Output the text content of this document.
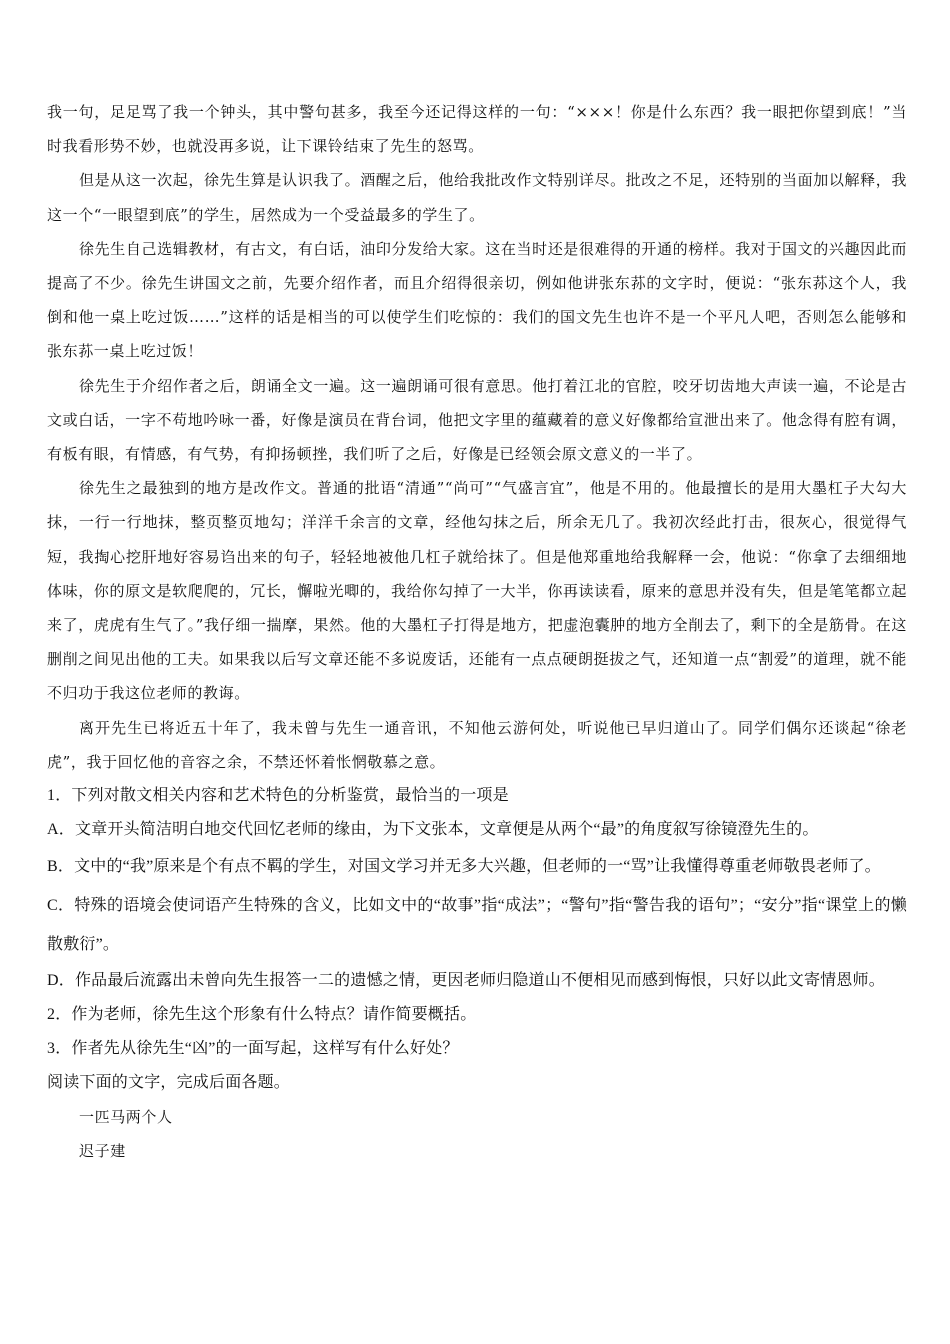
我一句，足足骂了我一个钟头，其中警句甚多，我至今还记得这样的一句：“×××！你是什么东西？我一眼把你望到底！”当时我看形势不妙，也就没再多说，让下课铃结束了先生的怒骂。

但是从这一次起，徐先生算是认识我了。酒醒之后，他给我批改作文特别详尽。批改之不足，还特别的当面加以解释，我这一个“一眼望到底”的学生，居然成为一个受益最多的学生了。

徐先生自己选辑教材，有古文，有白话，油印分发给大家。这在当时还是很难得的开通的榜样。我对于国文的兴趣因此而提高了不少。徐先生讲国文之前，先要介绍作者，而且介绍得很亲切，例如他讲张东荪的文字时，便说：“张东荪这个人，我倒和他一桌上吃过饭……”这样的话是相当的可以使学生们吃惊的：我们的国文先生也许不是一个平凡人吧，否则怎么能够和张东荪一桌上吃过饭！

徐先生于介绍作者之后，朗诵全文一遍。这一遍朗诵可很有意思。他打着江北的官腔，咬牙切齿地大声读一遍，不论是古文或白话，一字不苟地吟咏一番，好像是演员在背台词，他把文字里的蕴藏着的意义好像都给宣泄出来了。他念得有腔有调，有板有眼，有情感，有气势，有抑扬顿挫，我们听了之后，好像是已经领会原文意义的一半了。

徐先生之最独到的地方是改作文。普通的批语“清通”“尚可”“气盛言宜”，他是不用的。他最擅长的是用大墨杠子大勾大抹，一行一行地抹，整页整页地勾；洋洋千余言的文章，经他勾抹之后，所余无几了。我初次经此打击，很灰心，很觉得气短，我掏心挖肝地好容易诌出来的句子，轻轻地被他几杠子就给抹了。但是他郑重地给我解释一会，他说：“你拿了去细细地体味，你的原文是软爬爬的，冗长，懈啦光唧的，我给你勾掉了一大半，你再读读看，原来的意思并没有失，但是笔笔都立起来了，虎虎有生气了。”我仔细一揣摩，果然。他的大墨杠子打得是地方，把虚泡囊肿的地方全削去了，剩下的全是筋骨。在这删削之间见出他的工夫。如果我以后写文章还能不多说废话，还能有一点点硬朗挺拔之气，还知道一点“割爱”的道理，就不能不归功于我这位老师的教诲。

离开先生已将近五十年了，我未曾与先生一通音讯，不知他云游何处，听说他已早归道山了。同学们偶尔还谈起“徐老虎”，我于回忆他的音容之余，不禁还怀着怅惘敬慕之意。

1．下列对散文相关内容和艺术特色的分析鉴赏，最恰当的一项是

A．文章开头简洁明白地交代回忆老师的缘由，为下文张本，文章便是从两个“最”的角度叙写徐镜澄先生的。

B．文中的“我”原来是个有点不羁的学生，对国文学习并无多大兴趣，但老师的一“骂”让我懂得尊重老师敬畏老师了。

C．特殊的语境会使词语产生特殊的含义，比如文中的“故事”指“成法”；“警句”指“警告我的语句”；“安分”指“课堂上的懒散敷衍”。

D．作品最后流露出未曾向先生报答一二的遗憾之情，更因老师归隐道山不便相见而感到悔恨，只好以此文寄情恩师。

2．作为老师，徐先生这个形象有什么特点？请作简要概括。

3．作者先从徐先生“凶”的一面写起，这样写有什么好处？

阅读下面的文字，完成后面各题。

一匹马两个人

迟子建
